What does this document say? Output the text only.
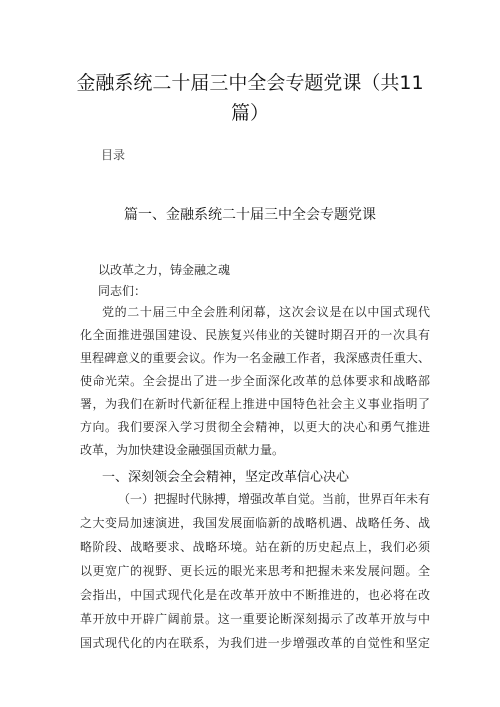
金融系统二十届三中全会专题党课（共11
篇）
目录
篇一、金融系统二十届三中全会专题党课
以改革之力，铸金融之魂
同志们：
党的二十届三中全会胜利闭幕，这次会议是在以中国式现代
化全面推进强国建设、民族复兴伟业的关键时期召开的一次具有
里程碑意义的重要会议。作为一名金融工作者，我深感责任重大、
使命光荣。全会提出了进一步全面深化改革的总体要求和战略部
署，为我们在新时代新征程上推进中国特色社会主义事业指明了
方向。我们要深入学习贯彻全会精神，以更大的决心和勇气推进
改革，为加快建设金融强国贡献力量。
一、深刻领会全会精神，坚定改革信心决心
（一）把握时代脉搏，增强改革自觉。当前，世界百年未有
之大变局加速演进，我国发展面临新的战略机遇、战略任务、战
略阶段、战略要求、战略环境。站在新的历史起点上，我们必须
以更宽广的视野、更长远的眼光来思考和把握未来发展问题。全
会指出，中国式现代化是在改革开放中不断推进的，也必将在改
革开放中开辟广阔前景。这一重要论断深刻揭示了改革开放与中
国式现代化的内在联系，为我们进一步增强改革的自觉性和坚定
